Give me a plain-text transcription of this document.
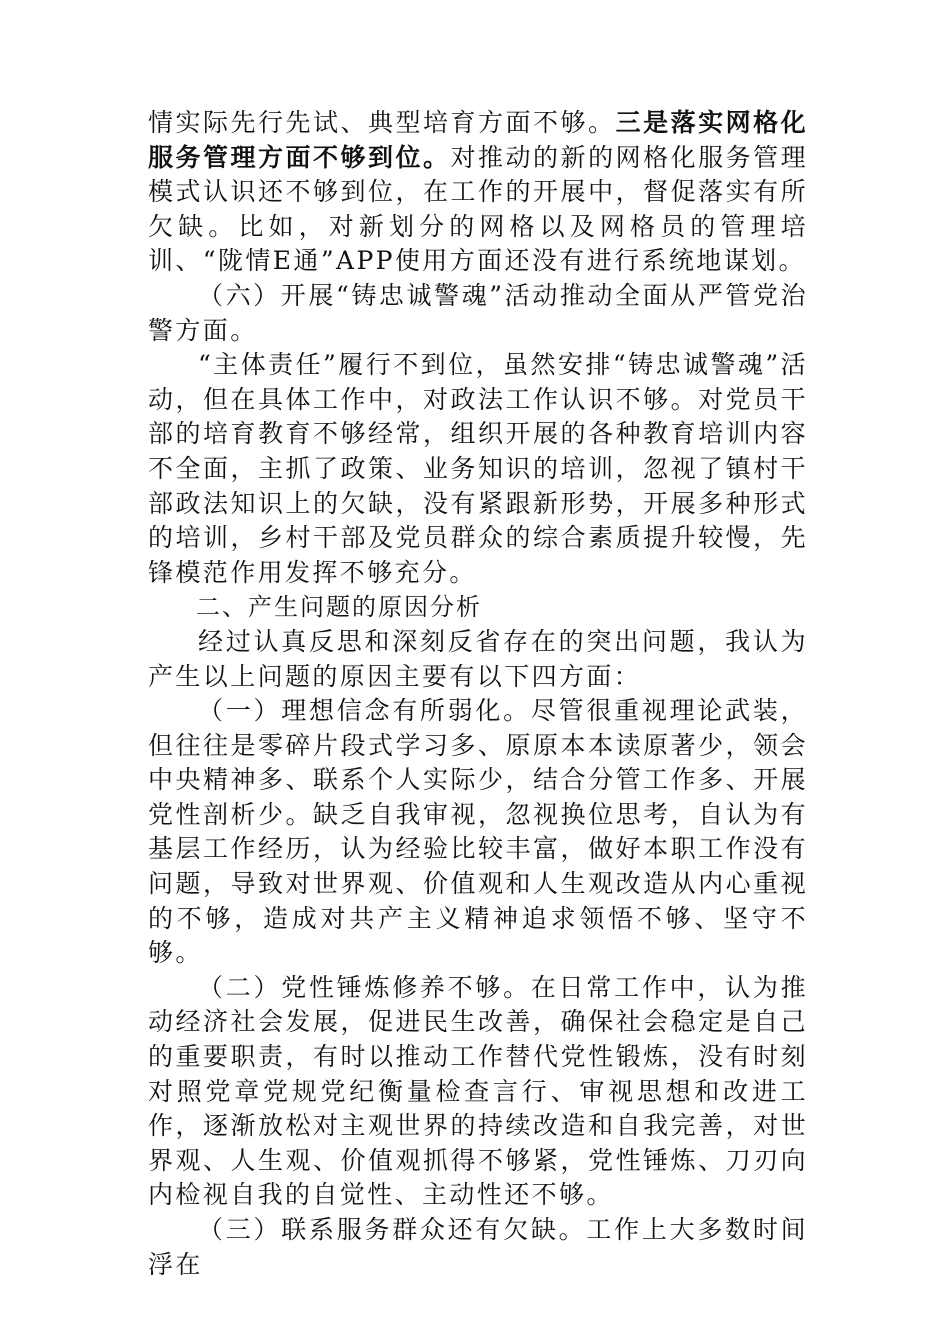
情实际先行先试、典型培育方面不够。三是落实网格化服务管理方面不够到位。对推动的新的网格化服务管理模式认识还不够到位，在工作的开展中，督促落实有所欠缺。比如，对新划分的网格以及网格员的管理培训、“陇情E通”APP使用方面还没有进行系统地谋划。

（六）开展“铸忠诚警魂”活动推动全面从严管党治警方面。

“主体责任”履行不到位，虽然安排“铸忠诚警魂”活动，但在具体工作中，对政法工作认识不够。对党员干部的培育教育不够经常，组织开展的各种教育培训内容不全面，主抓了政策、业务知识的培训，忽视了镇村干部政法知识上的欠缺，没有紧跟新形势，开展多种形式的培训，乡村干部及党员群众的综合素质提升较慢，先锋模范作用发挥不够充分。

二、产生问题的原因分析

经过认真反思和深刻反省存在的突出问题，我认为产生以上问题的原因主要有以下四方面：

（一）理想信念有所弱化。尽管很重视理论武装，但往往是零碎片段式学习多、原原本本读原著少，领会中央精神多、联系个人实际少，结合分管工作多、开展党性剖析少。缺乏自我审视，忽视换位思考，自认为有基层工作经历，认为经验比较丰富，做好本职工作没有问题，导致对世界观、价值观和人生观改造从内心重视的不够，造成对共产主义精神追求领悟不够、坚守不够。

（二）党性锤炼修养不够。在日常工作中，认为推动经济社会发展，促进民生改善，确保社会稳定是自己的重要职责，有时以推动工作替代党性锻炼，没有时刻对照党章党规党纪衡量检查言行、审视思想和改进工作，逐渐放松对主观世界的持续改造和自我完善，对世界观、人生观、价值观抓得不够紧，党性锤炼、刀刃向内检视自我的自觉性、主动性还不够。

（三）联系服务群众还有欠缺。工作上大多数时间浮在
